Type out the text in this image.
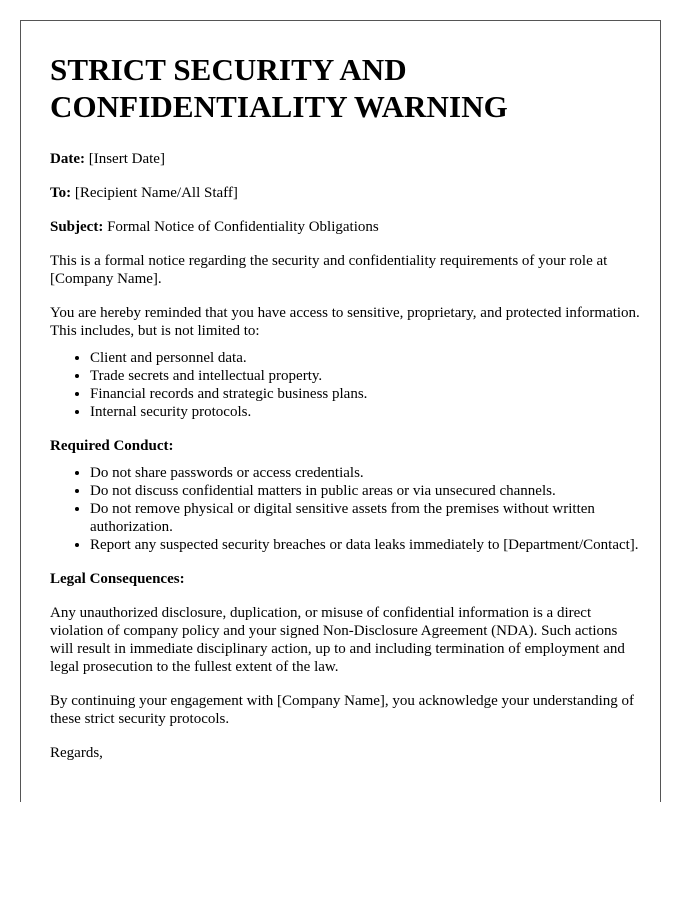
STRICT SECURITY AND CONFIDENTIALITY WARNING

Date: [Insert Date]

To: [Recipient Name/All Staff]

Subject: Formal Notice of Confidentiality Obligations

This is a formal notice regarding the security and confidentiality requirements of your role at [Company Name].

You are hereby reminded that you have access to sensitive, proprietary, and protected information. This includes, but is not limited to:

• Client and personnel data.
• Trade secrets and intellectual property.
• Financial records and strategic business plans.
• Internal security protocols.

Required Conduct:

• Do not share passwords or access credentials.
• Do not discuss confidential matters in public areas or via unsecured channels.
• Do not remove physical or digital sensitive assets from the premises without written authorization.
• Report any suspected security breaches or data leaks immediately to [Department/Contact].

Legal Consequences:

Any unauthorized disclosure, duplication, or misuse of confidential information is a direct violation of company policy and your signed Non-Disclosure Agreement (NDA). Such actions will result in immediate disciplinary action, up to and including termination of employment and legal prosecution to the fullest extent of the law.

By continuing your engagement with [Company Name], you acknowledge your understanding of these strict security protocols.

Regards,
